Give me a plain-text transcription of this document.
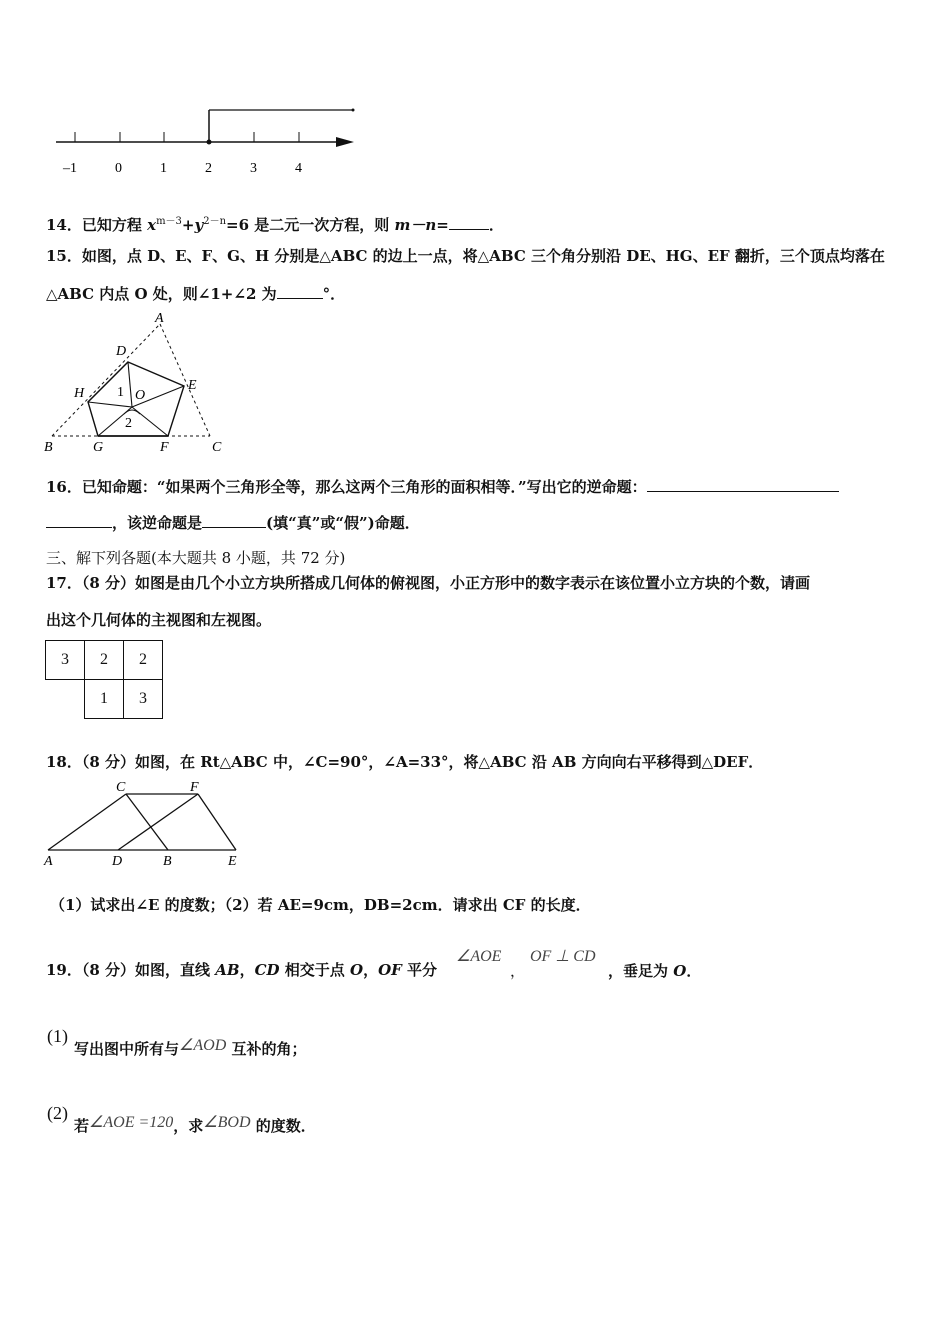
–1	0	1	2	3	4
14．已知方程 $x^{m-3}+y^{2-n}=6$ 是二元一次方程，则 m－n=	．
15．如图，点 D、E、F、G、H 分别是△ABC 的边上一点，将△ABC 三个角分别沿 DE、HG、EF 翻折，三个顶点均落在
△ABC 内点 O 处，则∠1+∠2 为	°．
A
D
E
H	O
1
2
B	G	F	C
16．已知命题：“如果两个三角形全等，那么这两个三角形的面积相等．”写出它的逆命题：
，该逆命题是	(填“真”或“假”)命题．
三、解下列各题(本大题共 8 小题，共 72 分)
17．（8 分）如图是由几个小立方块所搭成几何体的俯视图，小正方形中的数字表示在该位置小立方块的个数，请画
出这个几何体的主视图和左视图。
3	2	2
	1	3
18．（8 分）如图，在 Rt△ABC 中，∠C=90°，∠A=33°，将△ABC 沿 AB 方向向右平移得到△DEF．
C	F
A	D	B	E
（1）试求出∠E 的度数；（2）若 AE=9cm，DB=2cm．请求出 CF 的长度．
19．（8 分）如图，直线 AB，CD 相交于点 O，OF 平分
∠AOE
，
OF ⊥ CD
，垂足为 O．
(1)
写出图中所有与∠AOD 互补的角；
(2)
若∠AOE =120，求∠BOD 的度数．
